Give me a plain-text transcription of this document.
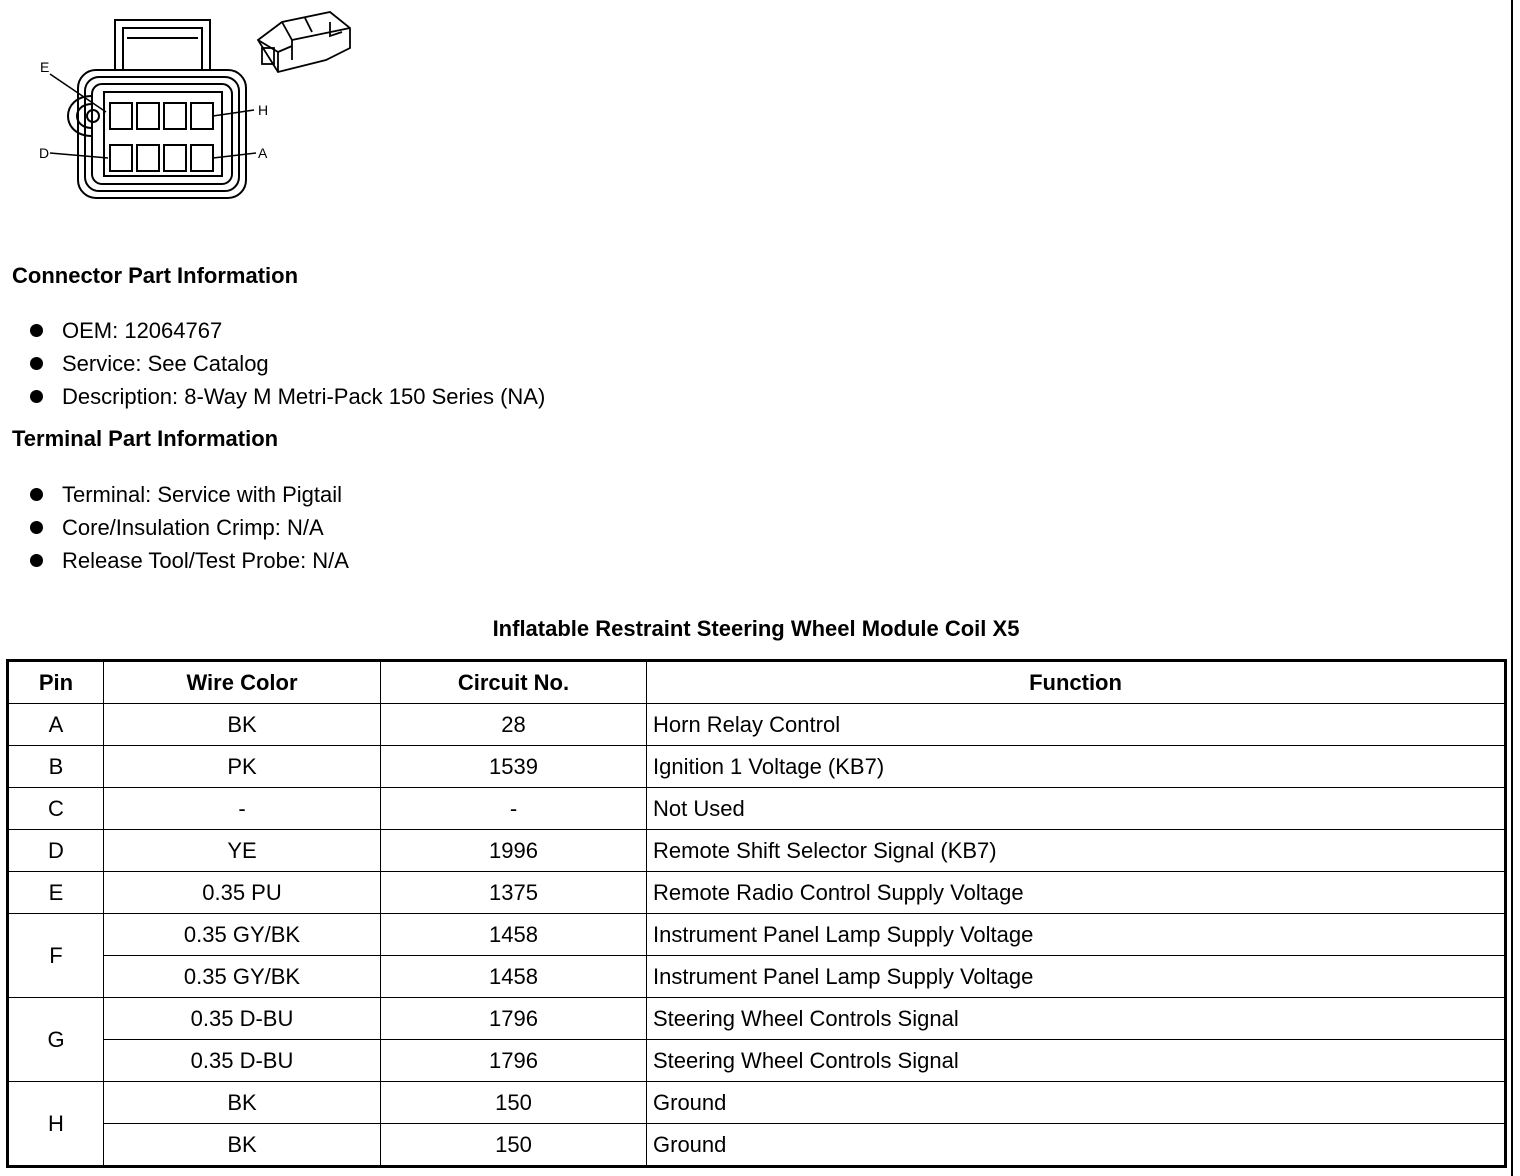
E
H
D	A
Connector Part Information
OEM: 12064767
Service: See Catalog
Description: 8-Way M Metri-Pack 150 Series (NA)
Terminal Part Information
Terminal: Service with Pigtail
Core/Insulation Crimp: N/A
Release Tool/Test Probe: N/A
Inflatable Restraint Steering Wheel Module Coil X5
Pin	Wire Color	Circuit No.	Function
A	BK	28	Horn Relay Control
B	PK	1539	Ignition 1 Voltage (KB7)
C	-	-	Not Used
D	YE	1996	Remote Shift Selector Signal (KB7)
E	0.35 PU	1375	Remote Radio Control Supply Voltage
F	0.35 GY/BK	1458	Instrument Panel Lamp Supply Voltage
	0.35 GY/BK	1458	Instrument Panel Lamp Supply Voltage
G	0.35 D-BU	1796	Steering Wheel Controls Signal
	0.35 D-BU	1796	Steering Wheel Controls Signal
H	BK	150	Ground
	BK	150	Ground
